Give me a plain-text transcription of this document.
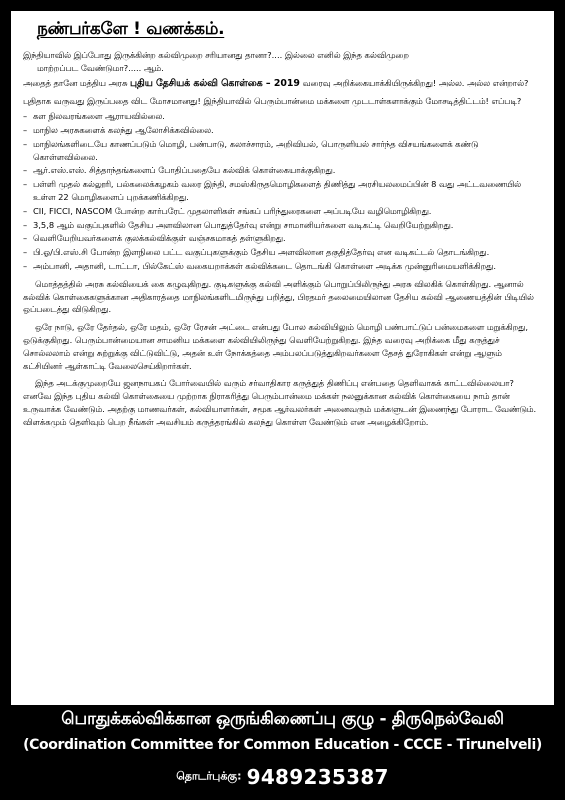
நண்பர்களே ! வணக்கம்.
இந்தியாவில் இப்போது இருக்கின்ற கல்விமுறை சரியானது தானா?.... இல்லை எனில் இந்த கல்விமுறை
மாற்றப்பட வேண்டுமா?..... ஆம்.
அதைத் தானே மத்திய அரசு புதிய தேசியக் கல்வி கொள்கை – 2019 வரைவு அறிக்கையாக்கியிருக்கிறது! அல்ல. அல்ல என்றால்?
புதிதாக வருவது இருப்பதை விட மோசமானது! இந்தியாவில் பெரும்பான்மை மக்களை முடடாள்களாக்கும் மோசடித்திட்டம்! எப்படி?
– கள நிலவரங்களை ஆராயவில்லை.
– மாநில அரசுகளைக் கலந்து ஆலோசிக்கவில்லை.
– மாநிலங்களிடையே காணப்படும் மொழி, பண்பாடு, கலாச்சாரம், அறிவியல், பொருளியல் சார்ந்த விசயங்களைக் கண்டு கொள்ளவில்லை.
– ஆர்.எஸ்.எஸ். சித்தாந்தங்களைப் போதிப்பதையே கல்விக் கொள்கையாக்குகிறது.
– பள்ளி முதல் கல்லூரி, பல்கலைக்கழகம் வரை இந்தி, சமஸ்கிருதமொழிகளைத் திணித்து அரசியலமைப்பின் 8 வது அட்டவணையில் உள்ள 22 மொழிகளைப் புறக்கணிக்கிறது.
– CII, FICCI, NASCOM போன்ற கார்பரேட் முதலாளிகள் சங்கப் பரிந்துரைகளை அப்படியே வழிமொழிகிறது.
– 3,5,8 ஆம் வகுப்புகளில் தேசிய அளவிலான பொதுத்தேர்வு என்று சாமானியர்களை வடிகட்டி வெறியேற்றுகிறது.
– வெளியேறியவர்களைக் குலக்கல்விக்குள் வஞ்சகமாகத் தள்ளுகிறது.
– பி.ஓ/பி.எஸ்.சி போன்ற இளநிலை பட்ட வகுப்புகளுக்கும் தேசிய அளவிலான தகுதித்தேர்வு என வடிகட்டல் தொடங்கிறது.
– அம்பானி, அதானி, டாட்டா, பில்கேட்ஸ் வகையறாக்கள் கல்விக்கடை தொடங்கி கொள்ளை அடிக்க முன்னுரிமையளிக்கிறது.
மொத்தத்தில் அரசு கல்வியைக் கை கழுவுகிறது. குடிகளுக்கு கல்வி அளிக்கும் பொறுப்பிலிருந்து அரசு விலகிக் கொள்கிறது. ஆனால் கல்விக் கொள்கைகளுக்கான அதிகாரத்தை மாநிலங்களிடமிருந்து பறித்து, பிரதமர் தலைமையிலான தேசிய கல்வி ஆணையத்தின் பிடியில் ஒப்படைத்து விடுகிறது.
ஒரே நாடு, ஒரே தேர்தல், ஒரே மதம், ஒரே ரேசன் அட்டை என்பது போல கல்வியிலும் மொழி பண்பாட்டுப் பன்மைகளை மறுக்கிறது, ஒடுக்குகிறது. பெரும்பான்மையான சாமனிய மக்களை கல்வியிலிருந்து வெளியேற்றுகிறது. இந்த வரைவு அறிக்கை மீது கருத்துச் சொல்லலாம் என்று சுற்றுக்கு விட்டுவிட்டு, அதன் உள் நோக்கத்தை அம்பலப்படுத்துகிறவர்களை தேசத் துரோகிகள் என்று ஆளும் கட்சியினர் ஆள்காட்டி வேலைசெய்கிறார்கள்.
இந்த அடக்குமுறையே ஜனநாயகப் போர்வையில் வரும் சர்வாதிகார கருத்துத் திணிப்பு என்பதை தெளிவாகக் காட்டவில்லையா? எனவே இந்த புதிய கல்வி கொள்கையை முற்றாக நிராகரித்து பெரும்பான்மை மக்கள் நலனுக்கான கல்விக் கொள்கையை நாம் தான் உருவாக்க வேண்டும். அதற்கு மாணவர்கள், கல்வியாளர்கள், சமூக ஆர்வலர்கள் அனைவரும் மக்களுடன் இணைந்து போராட வேண்டும். விளக்கமும் தெளிவும் பெற நீங்கள் அவசியம் கருத்தரங்கில் கலந்து கொள்ள வேண்டும் என அழைக்கிறோம்.
பொதுக்கல்விக்கான ஒருங்கிணைப்பு குழு - திருநெல்வேலி
(Coordination Committee for Common Education - CCCE - Tirunelveli)
தொடர்புக்கு: 9489235387
